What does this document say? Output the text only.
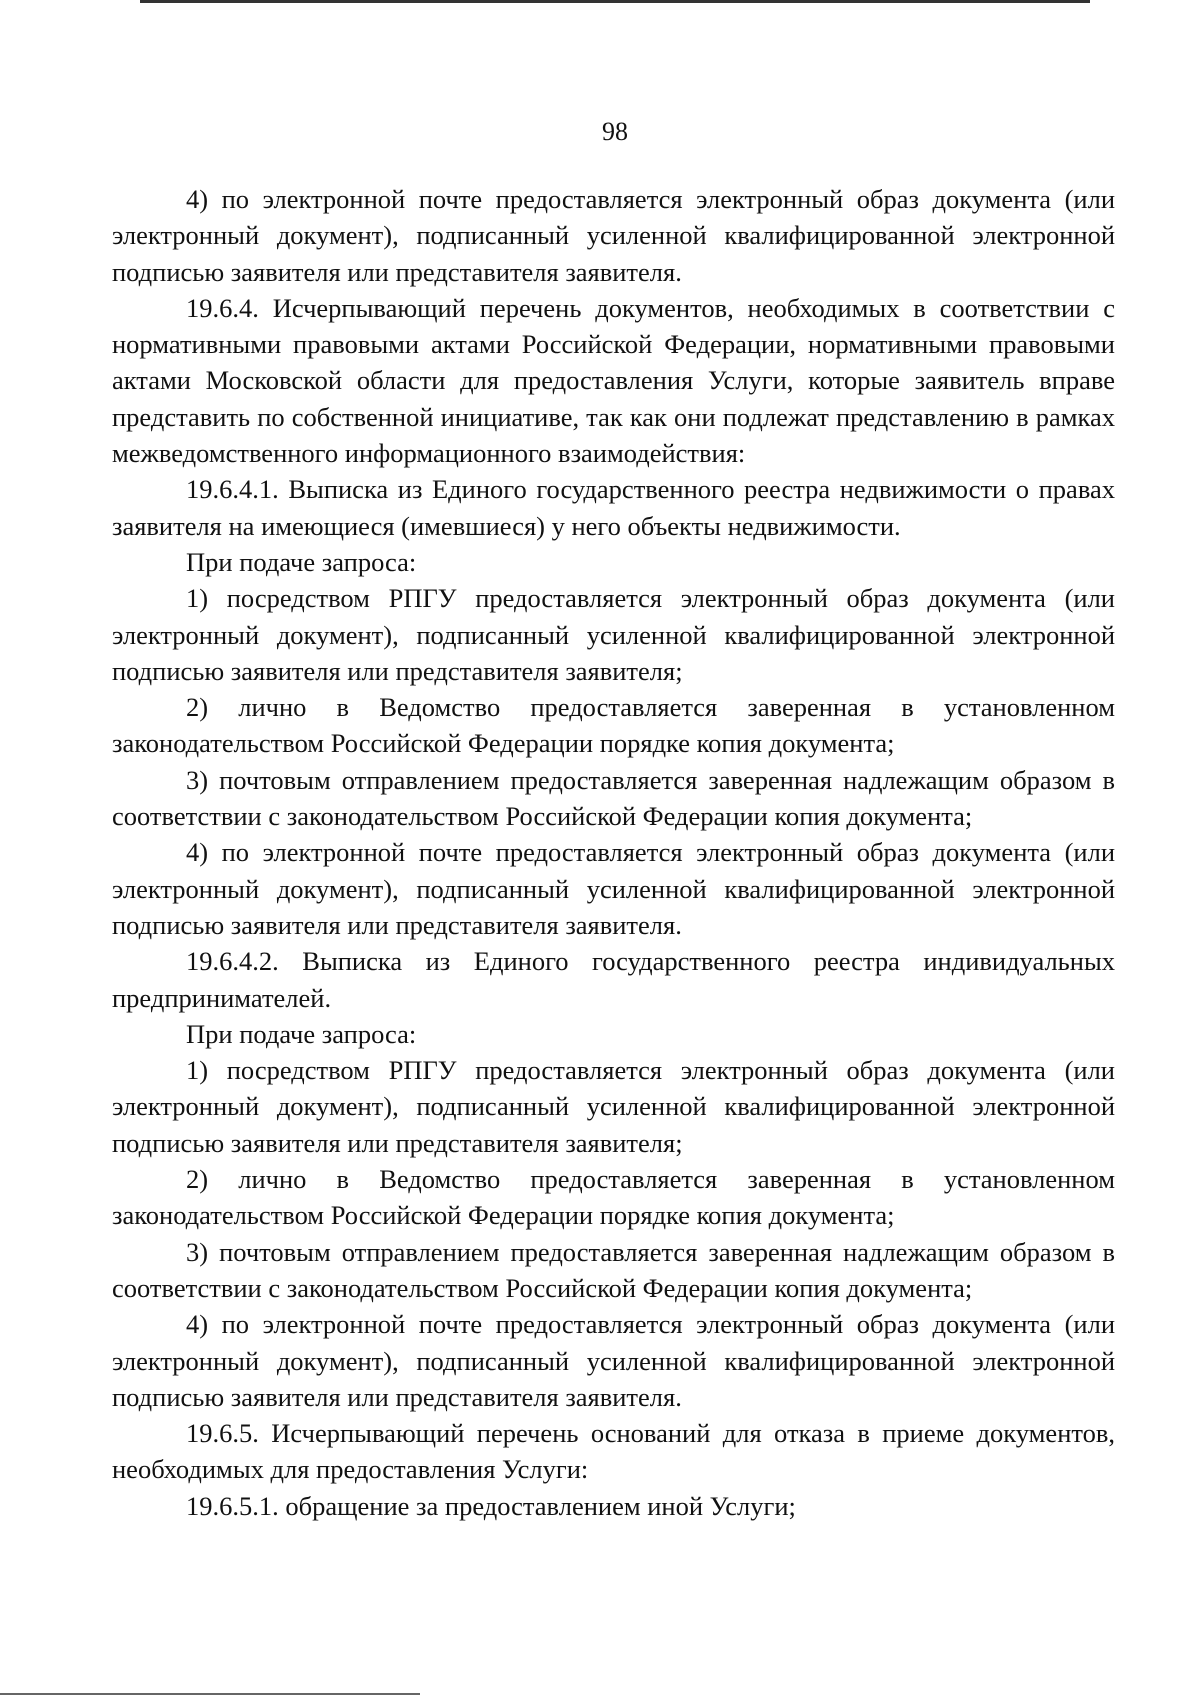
98

4) по электронной почте предоставляется электронный образ документа (или электронный документ), подписанный усиленной квалифицированной электронной подписью заявителя или представителя заявителя.

19.6.4. Исчерпывающий перечень документов, необходимых в соответствии с нормативными правовыми актами Российской Федерации, нормативными правовыми актами Московской области для предоставления Услуги, которые заявитель вправе представить по собственной инициативе, так как они подлежат представлению в рамках межведомственного информационного взаимодействия:

19.6.4.1. Выписка из Единого государственного реестра недвижимости о правах заявителя на имеющиеся (имевшиеся) у него объекты недвижимости.

При подаче запроса:

1) посредством РПГУ предоставляется электронный образ документа (или электронный документ), подписанный усиленной квалифицированной электронной подписью заявителя или представителя заявителя;

2) лично в Ведомство предоставляется заверенная в установленном законодательством Российской Федерации порядке копия документа;

3) почтовым отправлением предоставляется заверенная надлежащим образом в соответствии с законодательством Российской Федерации копия документа;

4) по электронной почте предоставляется электронный образ документа (или электронный документ), подписанный усиленной квалифицированной электронной подписью заявителя или представителя заявителя.

19.6.4.2. Выписка из Единого государственного реестра индивидуальных предпринимателей.

При подаче запроса:

1) посредством РПГУ предоставляется электронный образ документа (или электронный документ), подписанный усиленной квалифицированной электронной подписью заявителя или представителя заявителя;

2) лично в Ведомство предоставляется заверенная в установленном законодательством Российской Федерации порядке копия документа;

3) почтовым отправлением предоставляется заверенная надлежащим образом в соответствии с законодательством Российской Федерации копия документа;

4) по электронной почте предоставляется электронный образ документа (или электронный документ), подписанный усиленной квалифицированной электронной подписью заявителя или представителя заявителя.

19.6.5. Исчерпывающий перечень оснований для отказа в приеме документов, необходимых для предоставления Услуги:

19.6.5.1. обращение за предоставлением иной Услуги;
